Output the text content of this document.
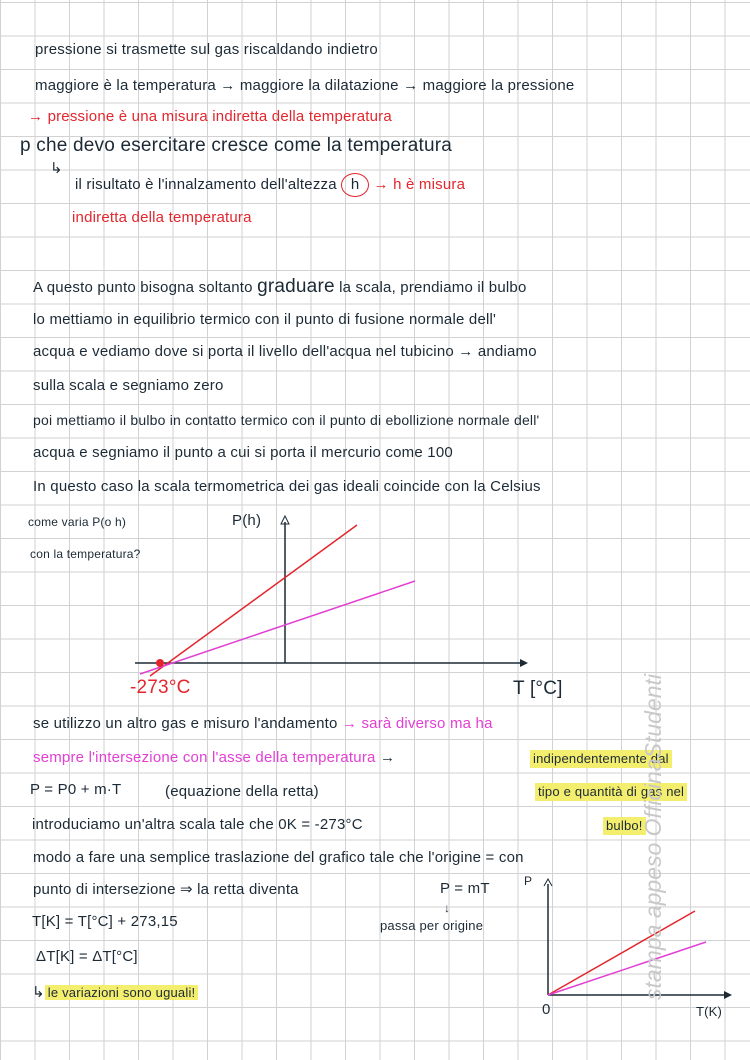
pressione si trasmette sul gas riscaldando indietro
maggiore è la temperatura → maggiore la dilatazione → maggiore la pressione
→ pressione è una misura indiretta della temperatura
p che devo esercitare cresce come la temperatura
↳
il risultato è l'innalzamento dell'altezza h → h è misura
indiretta della temperatura
A questo punto bisogna soltanto graduare la scala, prendiamo il bulbo
lo mettiamo in equilibrio termico con il punto di fusione normale dell'
acqua e vediamo dove si porta il livello dell'acqua nel tubicino → andiamo
sulla scala e segniamo zero
poi mettiamo il bulbo in contatto termico con il punto di ebollizione normale dell'
acqua e segniamo il punto a cui si porta il mercurio come 100
In questo caso la scala termometrica dei gas ideali coincide con la Celsius
come varia P(o h)
con la temperatura?
P(h)
-273°C	T [°C]
se utilizzo un altro gas e misuro l'andamento → sarà diverso ma ha
sempre l'intersezione con l'asse della temperatura →	indipendentemente dal
P = P0 + m·T	(equazione della retta)	tipo e quantità di gas nel
introduciamo un'altra scala tale che 0K = -273°C	bulbo!
modo a fare una semplice traslazione del grafico tale che l'origine = con
punto di intersezione ⇒ la retta diventa	P = mT
↓
passa per origine
T[K] = T[°C] + 273,15
ΔT[K] = ΔT[°C]
↳ le variazioni sono uguali!
P
0	T(K)
stampa appeso OfficinaStudenti
